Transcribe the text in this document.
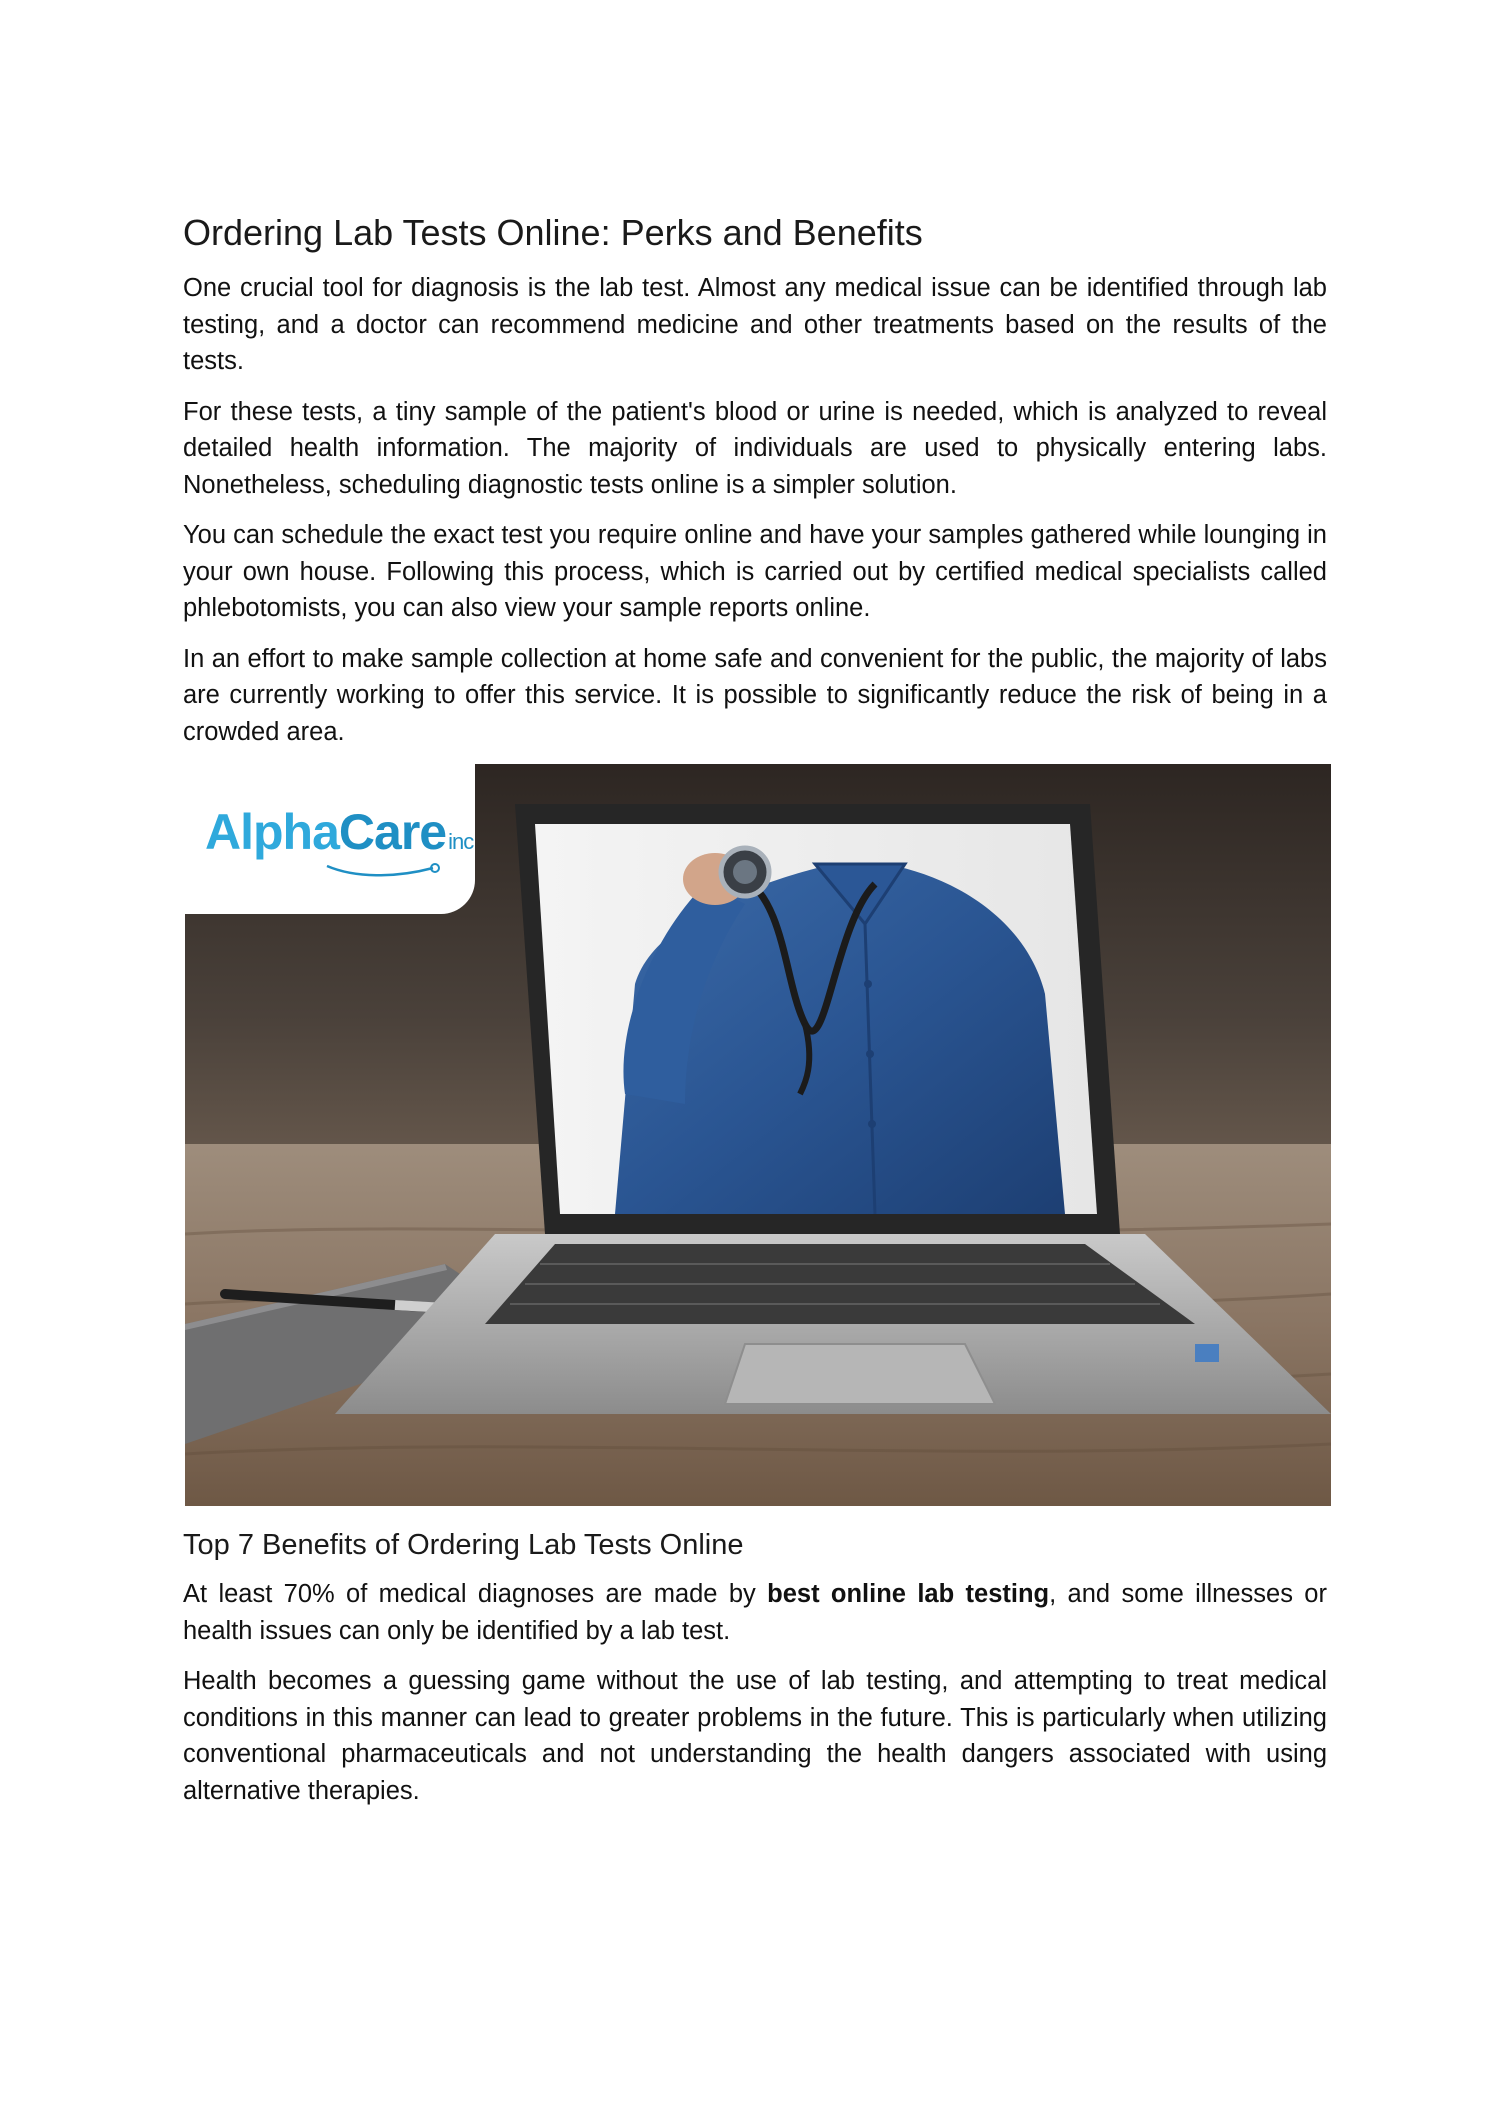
Ordering Lab Tests Online: Perks and Benefits

One crucial tool for diagnosis is the lab test. Almost any medical issue can be identified through lab testing, and a doctor can recommend medicine and other treatments based on the results of the tests.

For these tests, a tiny sample of the patient's blood or urine is needed, which is analyzed to reveal detailed health information. The majority of individuals are used to physically entering labs. Nonetheless, scheduling diagnostic tests online is a simpler solution.

You can schedule the exact test you require online and have your samples gathered while lounging in your own house. Following this process, which is carried out by certified medical specialists called phlebotomists, you can also view your sample reports online.

In an effort to make sample collection at home safe and convenient for the public, the majority of labs are currently working to offer this service. It is possible to significantly reduce the risk of being in a crowded area.

AlphaCareinc
Top 7 Benefits of Ordering Lab Tests Online

At least 70% of medical diagnoses are made by best online lab testing, and some illnesses or health issues can only be identified by a lab test.

Health becomes a guessing game without the use of lab testing, and attempting to treat medical conditions in this manner can lead to greater problems in the future. This is particularly when utilizing conventional pharmaceuticals and not understanding the health dangers associated with using alternative therapies.
